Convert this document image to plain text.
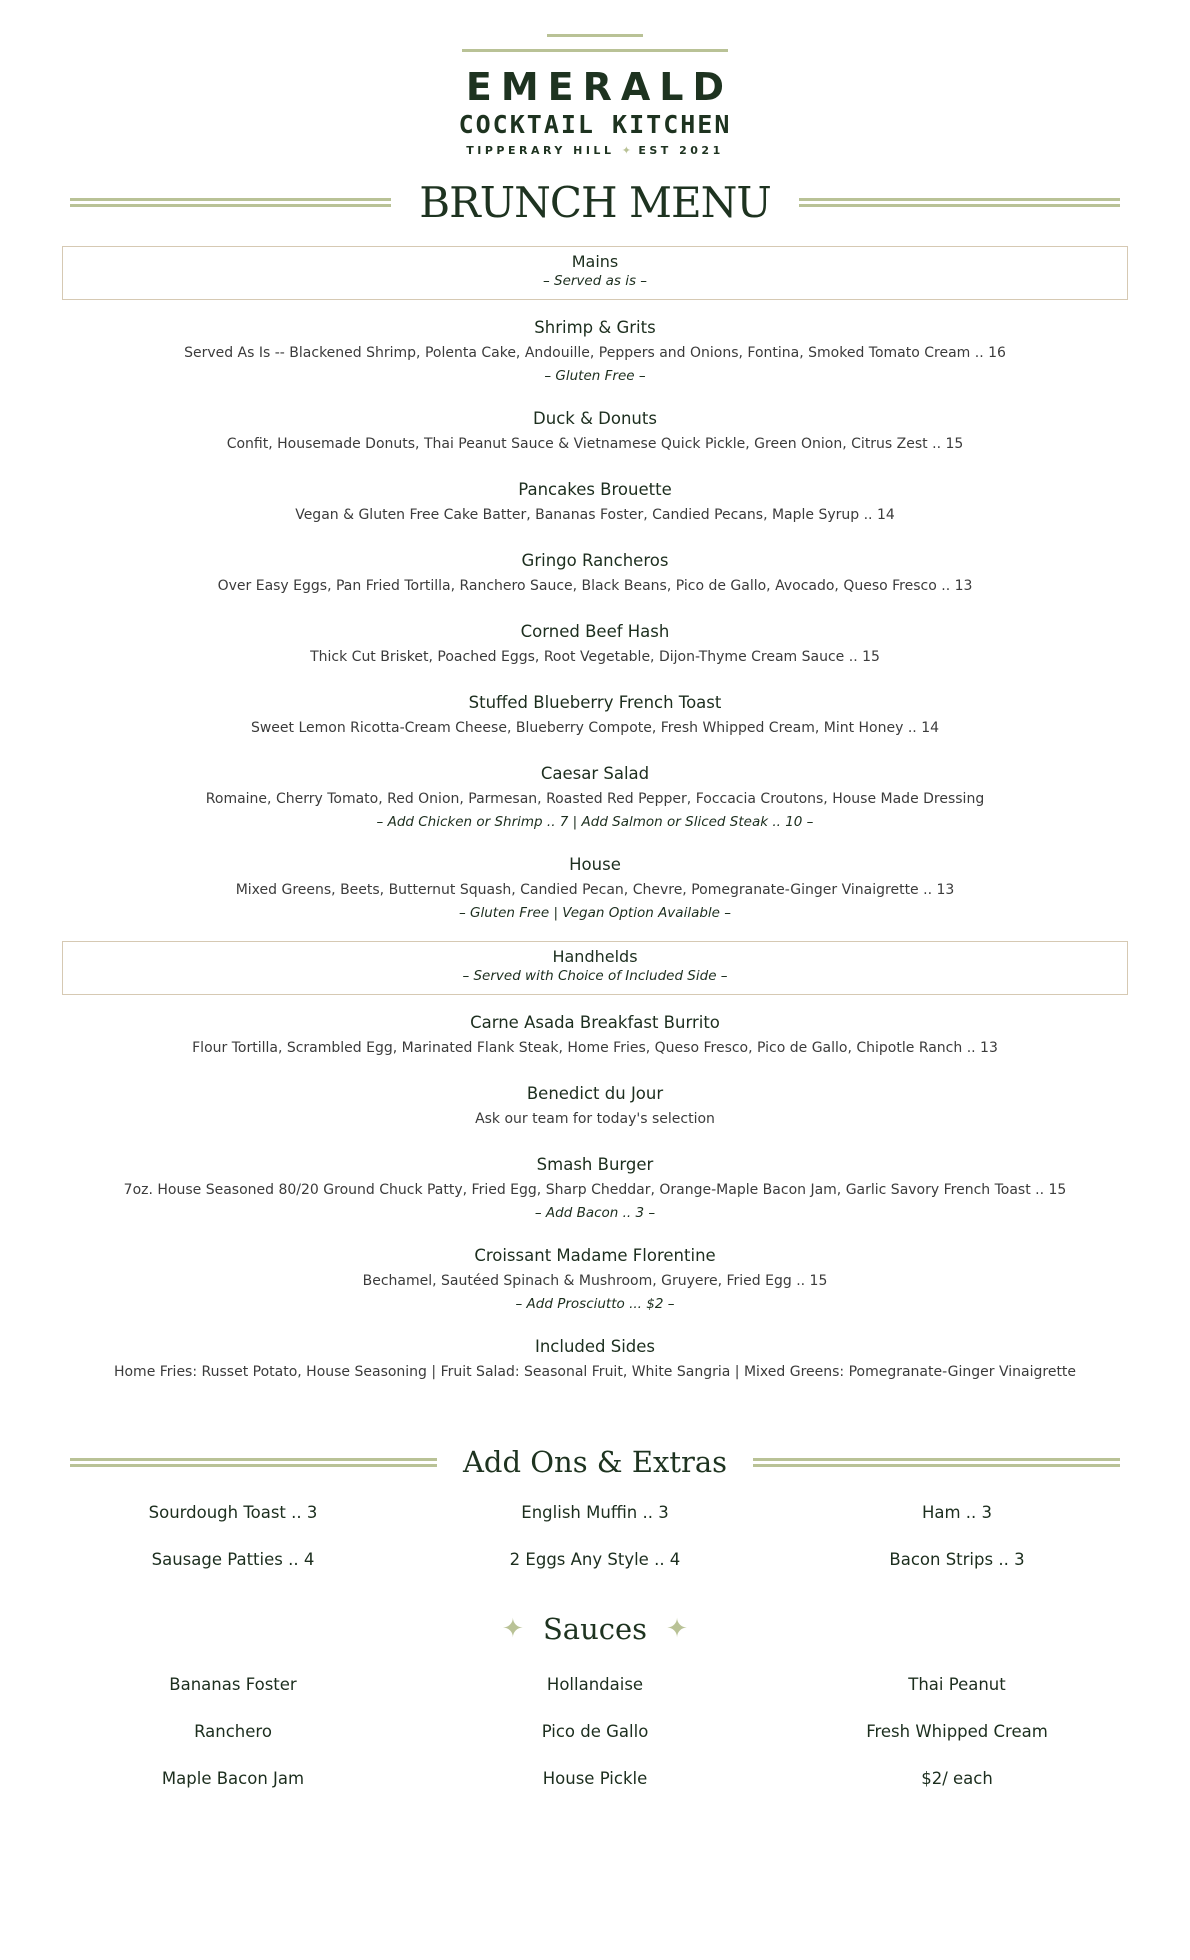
EMERALD
COCKTAIL KITCHEN
TIPPERARY HILL ✦ EST 2021
BRUNCH MENU
Mains
– Served as is –
Shrimp & Grits
Served As Is -- Blackened Shrimp, Polenta Cake, Andouille, Peppers and Onions, Fontina, Smoked Tomato Cream .. 16
– Gluten Free –
Duck & Donuts
Confit, Housemade Donuts, Thai Peanut Sauce & Vietnamese Quick Pickle, Green Onion, Citrus Zest .. 15
Pancakes Brouette
Vegan & Gluten Free Cake Batter, Bananas Foster, Candied Pecans, Maple Syrup .. 14
Gringo Rancheros
Over Easy Eggs, Pan Fried Tortilla, Ranchero Sauce, Black Beans, Pico de Gallo, Avocado, Queso Fresco .. 13
Corned Beef Hash
Thick Cut Brisket, Poached Eggs, Root Vegetable, Dijon-Thyme Cream Sauce .. 15
Stuffed Blueberry French Toast
Sweet Lemon Ricotta-Cream Cheese, Blueberry Compote, Fresh Whipped Cream, Mint Honey .. 14
Caesar Salad
Romaine, Cherry Tomato, Red Onion, Parmesan, Roasted Red Pepper, Foccacia Croutons, House Made Dressing
– Add Chicken or Shrimp .. 7 | Add Salmon or Sliced Steak .. 10 –
House
Mixed Greens, Beets, Butternut Squash, Candied Pecan, Chevre, Pomegranate-Ginger Vinaigrette .. 13
– Gluten Free | Vegan Option Available –
Handhelds
– Served with Choice of Included Side –
Carne Asada Breakfast Burrito
Flour Tortilla, Scrambled Egg, Marinated Flank Steak, Home Fries, Queso Fresco, Pico de Gallo, Chipotle Ranch .. 13
Benedict du Jour
Ask our team for today's selection
Smash Burger
7oz. House Seasoned 80/20 Ground Chuck Patty, Fried Egg, Sharp Cheddar, Orange-Maple Bacon Jam, Garlic Savory French Toast .. 15
– Add Bacon .. 3 –
Croissant Madame Florentine
Bechamel, Sautéed Spinach & Mushroom, Gruyere, Fried Egg .. 15
– Add Prosciutto ... $2 –
Included Sides
Home Fries: Russet Potato, House Seasoning | Fruit Salad: Seasonal Fruit, White Sangria | Mixed Greens: Pomegranate-Ginger Vinaigrette
Add Ons & Extras
Sourdough Toast .. 3	English Muffin .. 3	Ham .. 3
Sausage Patties .. 4	2 Eggs Any Style .. 4	Bacon Strips .. 3
✦ Sauces ✦
Bananas Foster	Hollandaise	Thai Peanut
Ranchero	Pico de Gallo	Fresh Whipped Cream
Maple Bacon Jam	House Pickle	$2/ each
